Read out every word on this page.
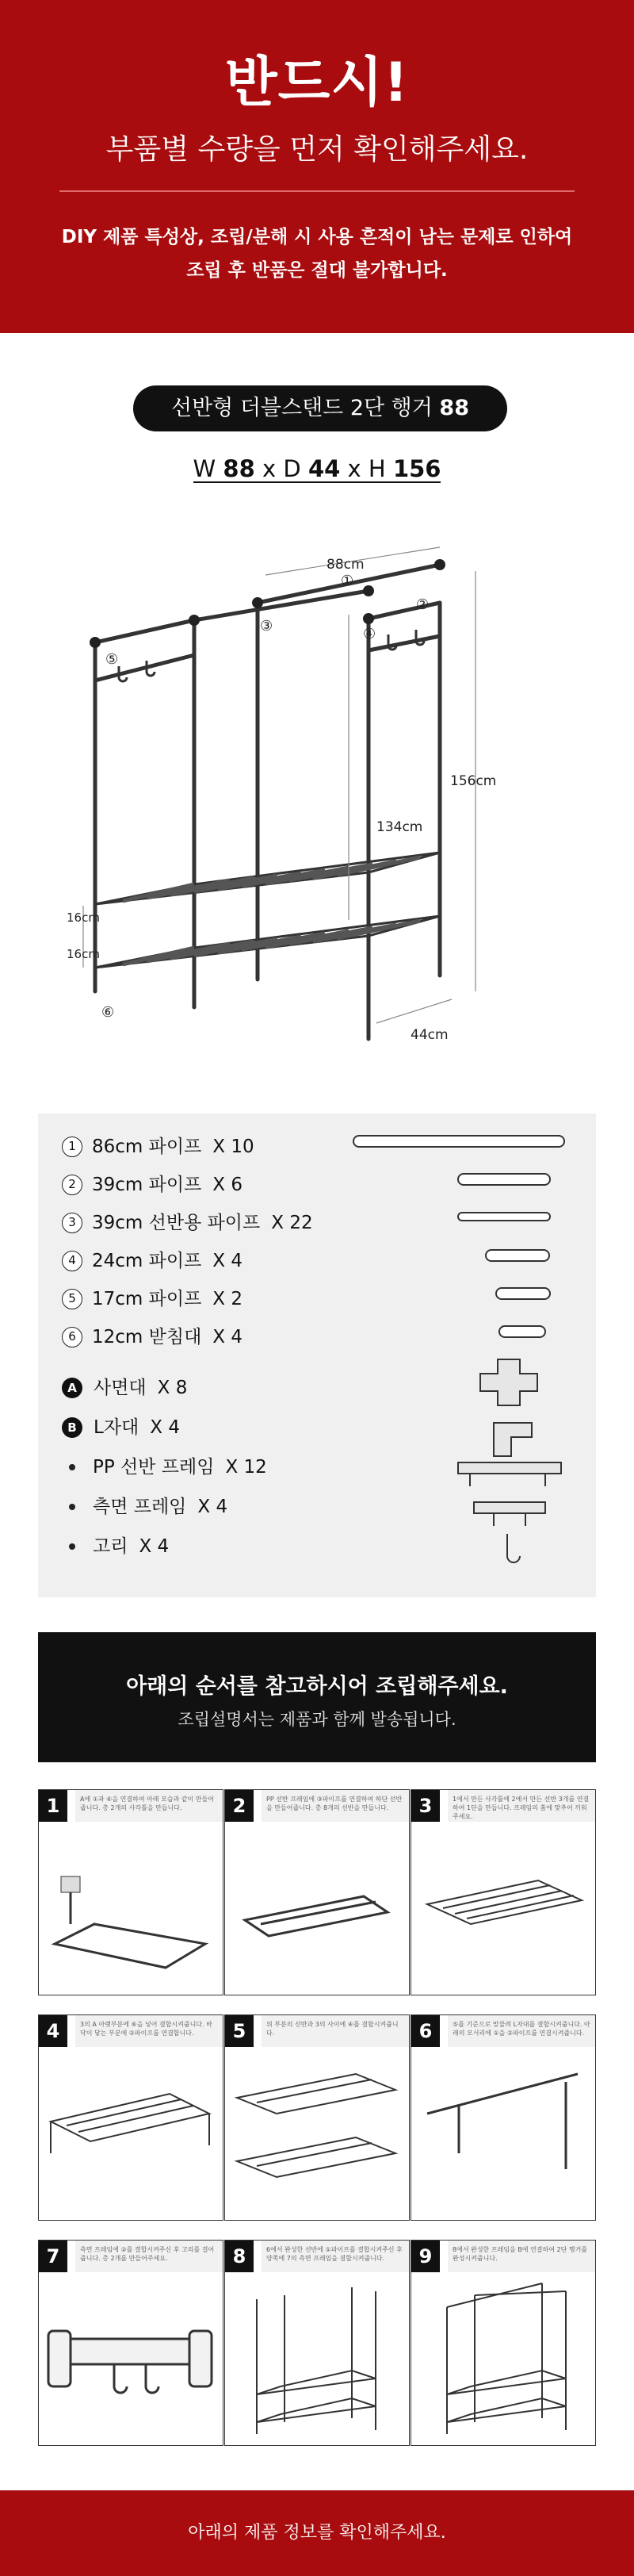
반드시!
부품별 수량을 먼저 확인해주세요.
DIY 제품 특성상, 조립/분해 시 사용 흔적이 남는 문제로 인하여
조립 후 반품은 절대 불가합니다.
선반형 더블스탠드 2단 행거 88
W 88 x D 44 x H 156
①
②
③	④
⑤
⑥
88cm
156cm
134cm
44cm
16cm
16cm
1 86cm 파이프 X 10
2 39cm 파이프 X 6
3 39cm 선반용 파이프 X 22
4 24cm 파이프 X 4
5 17cm 파이프 X 2
6 12cm 받침대 X 4
A 사면대 X 8
B L자대 X 4
PP 선반 프레임 X 12
측면 프레임 X 4
고리 X 4
아래의 순서를 참고하시어 조립해주세요.
조립설명서는 제품과 함께 발송됩니다.
1	A에 ①과 ⑥을 연결하여 아래 모습과 같이 만들어줍니다. 총 2개의 사각틀을 만듭니다.	2	PP 선반 프레임에 ③파이프를 연결하여 하단 선반을 만들어줍니다. 총 8개의 선반을 만듭니다.	3	1에서 만든 사각틀에 2에서 만든 선반 3개를 연결하여 1단을 만듭니다. 프레임의 홈에 맞추어 끼워주세요.
4	3의 A 아랫부분에 ⑥을 넣어 결합시켜줍니다. 바닥이 닿는 부분에 ②파이프를 연결합니다.	5	위 부분의 선반과 3의 사이에 ④를 결합시켜줍니다.	6	⑤를 기준으로 맞물려 L자대를 결합시켜줍니다. 아래의 모서리에 ①을 ②파이프를 연결시켜줍니다.
7	측면 프레임에 ②를 결합시켜주신 후 고리를 걸어줍니다. 총 2개를 만들어주세요.	8	6에서 완성한 선반에 ①파이프를 결합시켜주신 후 양쪽에 7의 측면 프레임을 결합시켜줍니다.	9	8에서 완성한 프레임을 B에 연결하여 2단 행거를 완성시켜줍니다.
아래의 제품 정보를 확인해주세요.
